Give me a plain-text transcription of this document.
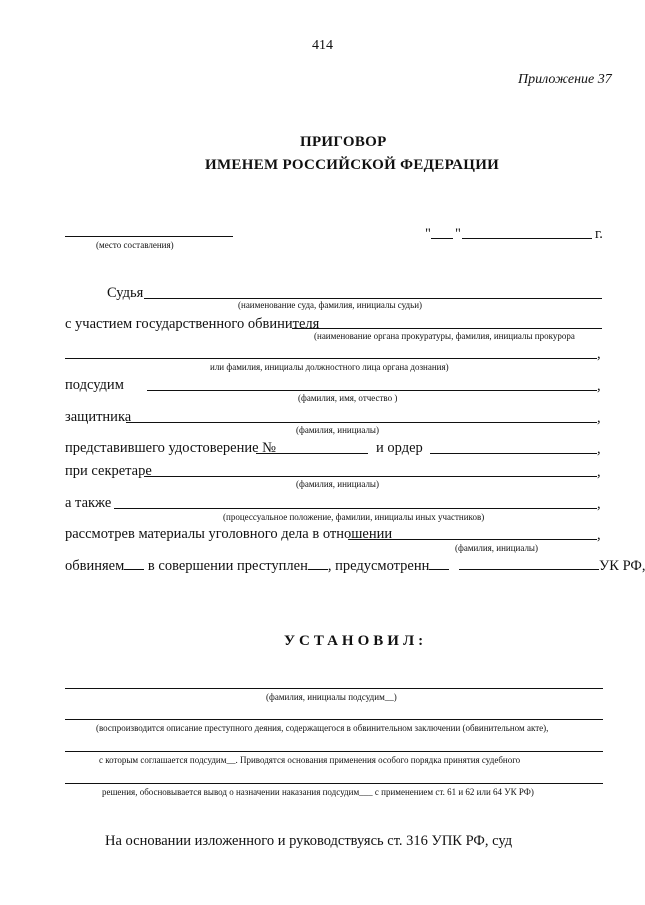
414
Приложение 37
ПРИГОВОР
ИМЕНЕМ РОССИЙСКОЙ ФЕДЕРАЦИИ
(место составления)
" "	г.
Судья
(наименование суда, фамилия, инициалы судьи)
с участием государственного обвинителя
(наименование органа прокуратуры, фамилия, инициалы прокурора
,
или фамилия, инициалы должностного лица органа дознания)
подсудим	,
(фамилия, имя, отчество )
защитника	,
(фамилия, инициалы)
представившего удостоверение №	и ордер	,
при секретаре	,
(фамилия, инициалы)
а также	,
(процессуальное положение, фамилии, инициалы иных участников)
рассмотрев материалы уголовного дела в отношении	,
(фамилия, инициалы)
обвиняем в совершении преступлен , предусмотренн	УК РФ,
УСТАНОВИЛ:
(фамилия, инициалы подсудим__)
(воспроизводится описание преступного деяния, содержащегося в обвинительном заключении (обвинительном акте),
с которым соглашается подсудим__. Приводятся основания применения особого порядка принятия судебного
решения, обосновывается вывод о назначении наказания подсудим___ с применением ст. 61 и 62 или 64 УК РФ)
На основании изложенного и руководствуясь ст. 316 УПК РФ, суд
